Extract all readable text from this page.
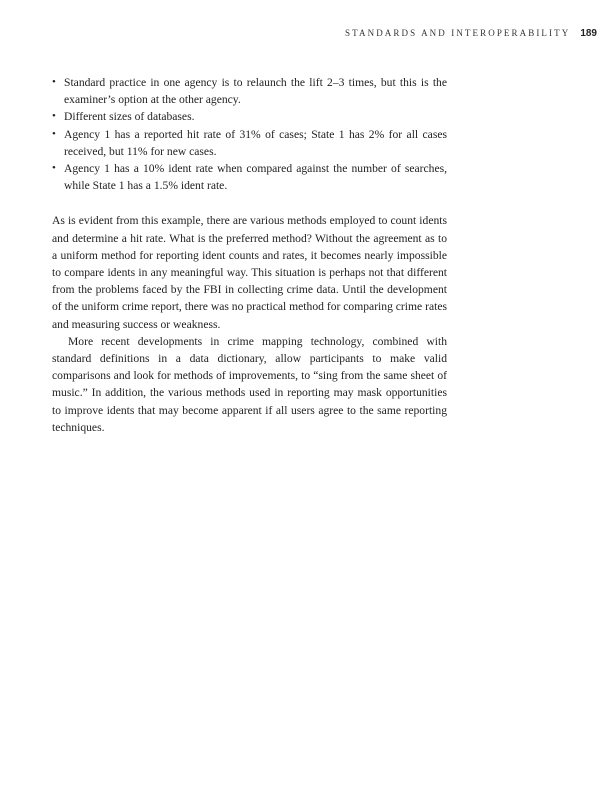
STANDARDS AND INTEROPERABILITY 189
• Standard practice in one agency is to relaunch the lift 2–3 times, but this is the examiner’s option at the other agency.
• Different sizes of databases.
• Agency 1 has a reported hit rate of 31% of cases; State 1 has 2% for all cases received, but 11% for new cases.
• Agency 1 has a 10% ident rate when compared against the number of searches, while State 1 has a 1.5% ident rate.

As is evident from this example, there are various methods employed to count idents and determine a hit rate. What is the preferred method? Without the agreement as to a uniform method for reporting ident counts and rates, it becomes nearly impossible to compare idents in any meaningful way. This situation is perhaps not that different from the problems faced by the FBI in collecting crime data. Until the development of the uniform crime report, there was no practical method for comparing crime rates and measuring success or weakness.

More recent developments in crime mapping technology, combined with standard definitions in a data dictionary, allow participants to make valid comparisons and look for methods of improvements, to “sing from the same sheet of music.” In addition, the various methods used in reporting may mask opportunities to improve idents that may become apparent if all users agree to the same reporting techniques.
